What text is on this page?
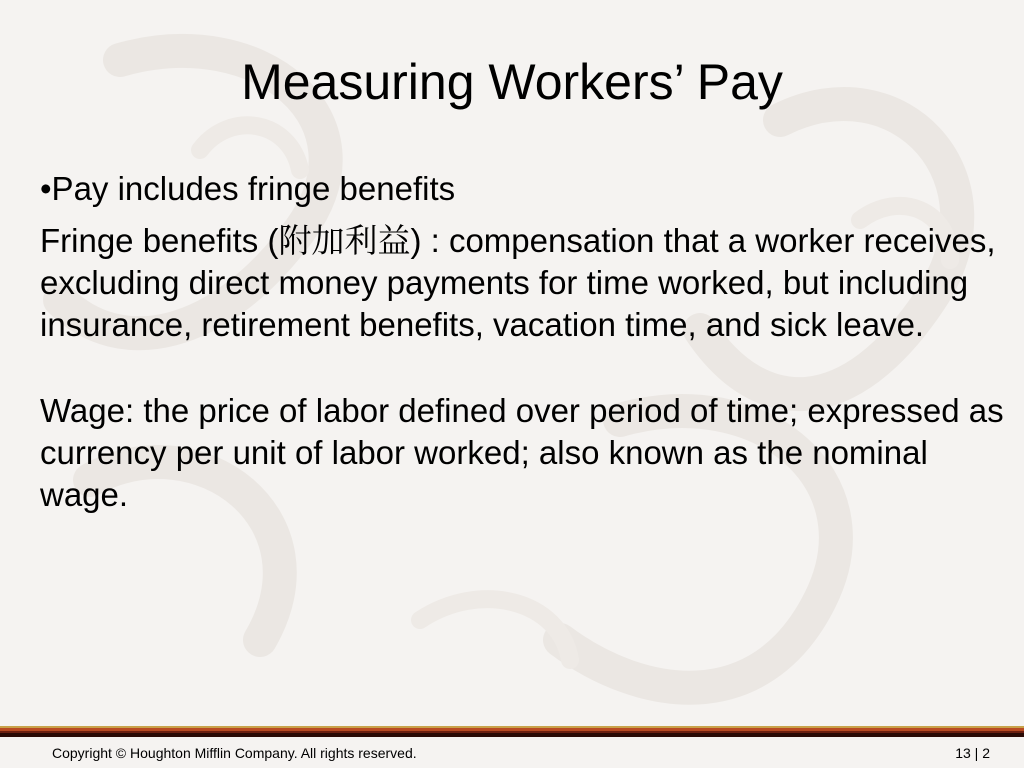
Measuring Workers’ Pay

•Pay includes fringe benefits

Fringe benefits (附加利益) : compensation that a worker receives, excluding direct money payments for time worked, but including insurance, retirement benefits, vacation time, and sick leave.

Wage: the price of labor defined over period of time; expressed as currency per unit of labor worked; also known as the nominal wage.

Copyright © Houghton Mifflin Company. All rights reserved.	13 | 2
